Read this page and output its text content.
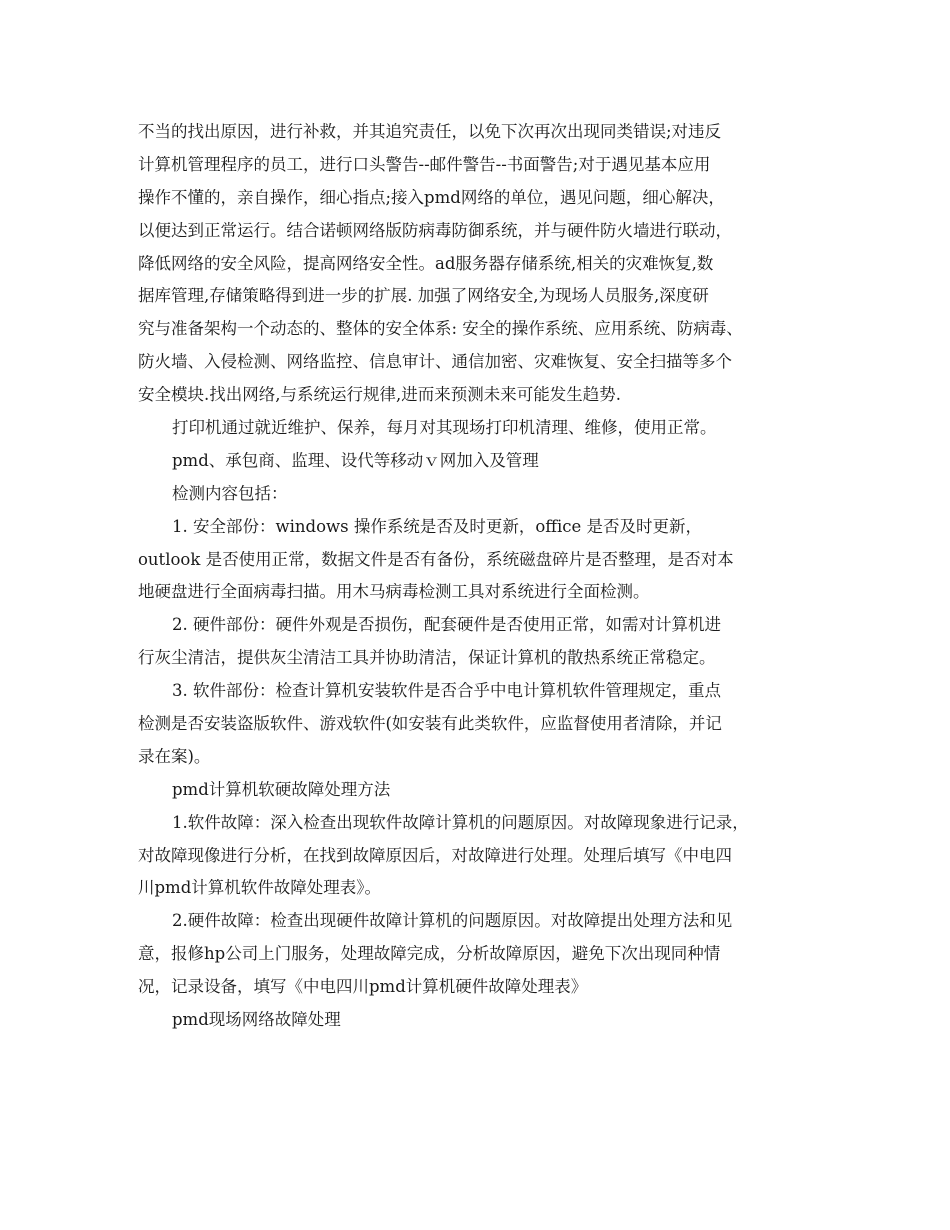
不当的找出原因，进行补救，并其追究责任，以免下次再次出现同类错误;对违反
计算机管理程序的员工，进行口头警告--邮件警告--书面警告;对于遇见基本应用
操作不懂的，亲自操作，细心指点;接入pmd网络的单位，遇见问题，细心解决，
以便达到正常运行。结合诺顿网络版防病毒防御系统，并与硬件防火墙进行联动，
降低网络的安全风险，提高网络安全性。ad服务器存储系统,相关的灾难恢复,数
据库管理,存储策略得到进一步的扩展. 加强了网络安全,为现场人员服务,深度研
究与准备架构一个动态的、整体的安全体系: 安全的操作系统、应用系统、防病毒、
防火墙、入侵检测、网络监控、信息审计、通信加密、灾难恢复、安全扫描等多个
安全模块.找出网络,与系统运行规律,进而来预测未来可能发生趋势.
打印机通过就近维护、保养，每月对其现场打印机清理、维修，使用正常。
pmd、承包商、监理、设代等移动ｖ网加入及管理
检测内容包括：
1. 安全部份：windows 操作系统是否及时更新，office 是否及时更新，
outlook 是否使用正常，数据文件是否有备份，系统磁盘碎片是否整理，是否对本
地硬盘进行全面病毒扫描。用木马病毒检测工具对系统进行全面检测。
2. 硬件部份：硬件外观是否损伤，配套硬件是否使用正常，如需对计算机进
行灰尘清洁，提供灰尘清洁工具并协助清洁，保证计算机的散热系统正常稳定。
3. 软件部份：检查计算机安装软件是否合乎中电计算机软件管理规定，重点
检测是否安装盗版软件、游戏软件(如安装有此类软件，应监督使用者清除，并记
录在案)。
pmd计算机软硬故障处理方法
1.软件故障：深入检查出现软件故障计算机的问题原因。对故障现象进行记录，
对故障现像进行分析，在找到故障原因后，对故障进行处理。处理后填写《中电四
川pmd计算机软件故障处理表》。
2.硬件故障：检查出现硬件故障计算机的问题原因。对故障提出处理方法和见
意，报修hp公司上门服务，处理故障完成，分析故障原因，避免下次出现同种情
况，记录设备，填写《中电四川pmd计算机硬件故障处理表》
pmd现场网络故障处理
